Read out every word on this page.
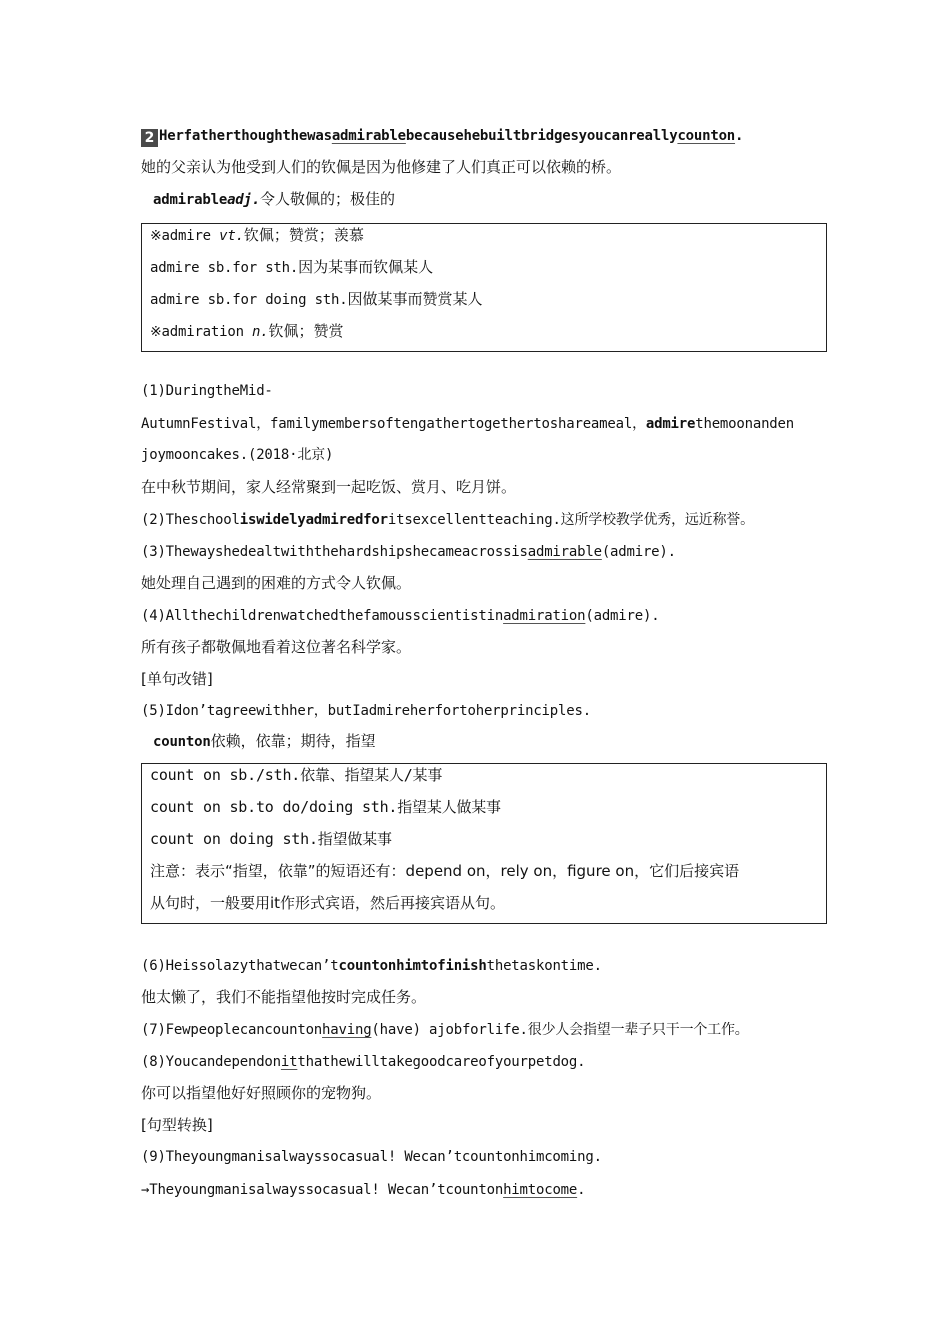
2 Herfatherthoughthewasadmirablebecausehebuiltbridgesyoucanreallycounton.
她的父亲认为他受到人们的钦佩是因为他修建了人们真正可以依赖的桥。
admirableadj.令人敬佩的；极佳的
※admire vt.钦佩；赞赏；羡慕
admire sb.for sth.因为某事而钦佩某人
admire sb.for doing sth.因做某事而赞赏某人
※admiration n.钦佩；赞赏
(1)DuringtheMid-
AutumnFestival，familymembersoftengathertogethertoshareameal，admirethemoonanden
joymooncakes.(2018·北京)
在中秋节期间，家人经常聚到一起吃饭、赏月、吃月饼。
(2)Theschooliswidelyadmiredforitsexcellentteaching.这所学校教学优秀，远近称誉。
(3)Thewayshedealtwiththehardshipshecameacrossisadmirable(admire).
她处理自己遇到的困难的方式令人钦佩。
(4)Allthechildrenwatchedthefamousscientistinadmiration(admire).
所有孩子都敬佩地看着这位著名科学家。
[单句改错]
(5)Idon’tagreewithher，butIadmireherfortoherprinciples.
counton依赖，依靠；期待，指望
count on sb./sth.依靠、指望某人/某事
count on sb.to do/doing sth.指望某人做某事
count on doing sth.指望做某事
注意：表示“指望，依靠”的短语还有：depend on，rely on，figure on，它们后接宾语
从句时，一般要用it作形式宾语，然后再接宾语从句。
(6)Heissolazythatwecan’tcountonhimtofinishthetaskontime.
他太懒了，我们不能指望他按时完成任务。
(7)Fewpeoplecancountonhaving(have) ajobforlife.很少人会指望一辈子只干一个工作。
(8)Youcandependonitthathewilltakegoodcareofyourpetdog.
你可以指望他好好照顾你的宠物狗。
[句型转换]
(9)Theyoungmanisalwayssocasual! Wecan’tcountonhimcoming.
→Theyoungmanisalwayssocasual! Wecan’tcountonhimtocome.
